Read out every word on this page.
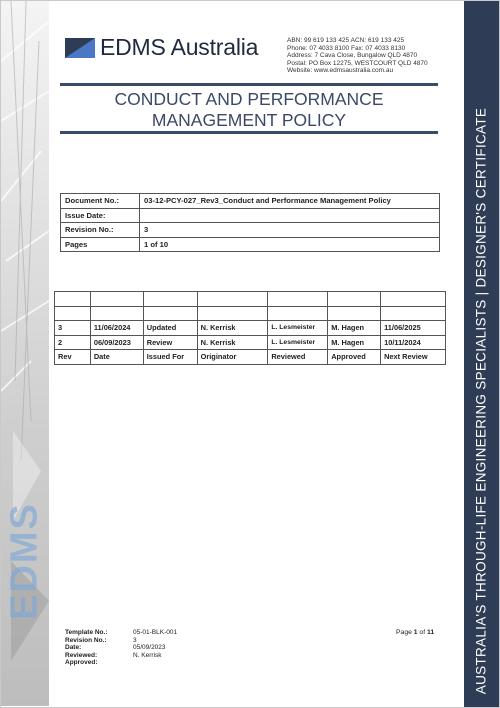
EDMS	AUSTRALIA'S THROUGH-LIFE ENGINEERING SPECIALISTS | DESIGNER'S CERTIFICATE
EDMS Australia	ABN: 99 619 133 425 ACN: 619 133 425
Phone: 07 4033 8100 Fax: 07 4033 8130
Address: 7 Cava Close, Bungalow QLD 4870
Postal: PO Box 12275, WESTCOURT QLD 4870
Website: www.edmsaustralia.com.au
CONDUCT AND PERFORMANCE
MANAGEMENT POLICY
Document No.:	03-12-PCY-027_Rev3_Conduct and Performance Management Policy
Issue Date:	
Revision No.:	3
Pages	1 of 10

3	11/06/2024	Updated	N. Kerrisk	L. Lesmeister	M. Hagen	11/06/2025
2	06/09/2023	Review	N. Kerrisk	L. Lesmeister	M. Hagen	10/11/2024
Rev	Date	Issued For	Originator	Reviewed	Approved	Next Review
Template No.:	05-01-BLK-001
Revision No.:	3
Date:	05/09/2023
Reviewed:	N. Kerrisk
Approved:
Page 1 of 11
